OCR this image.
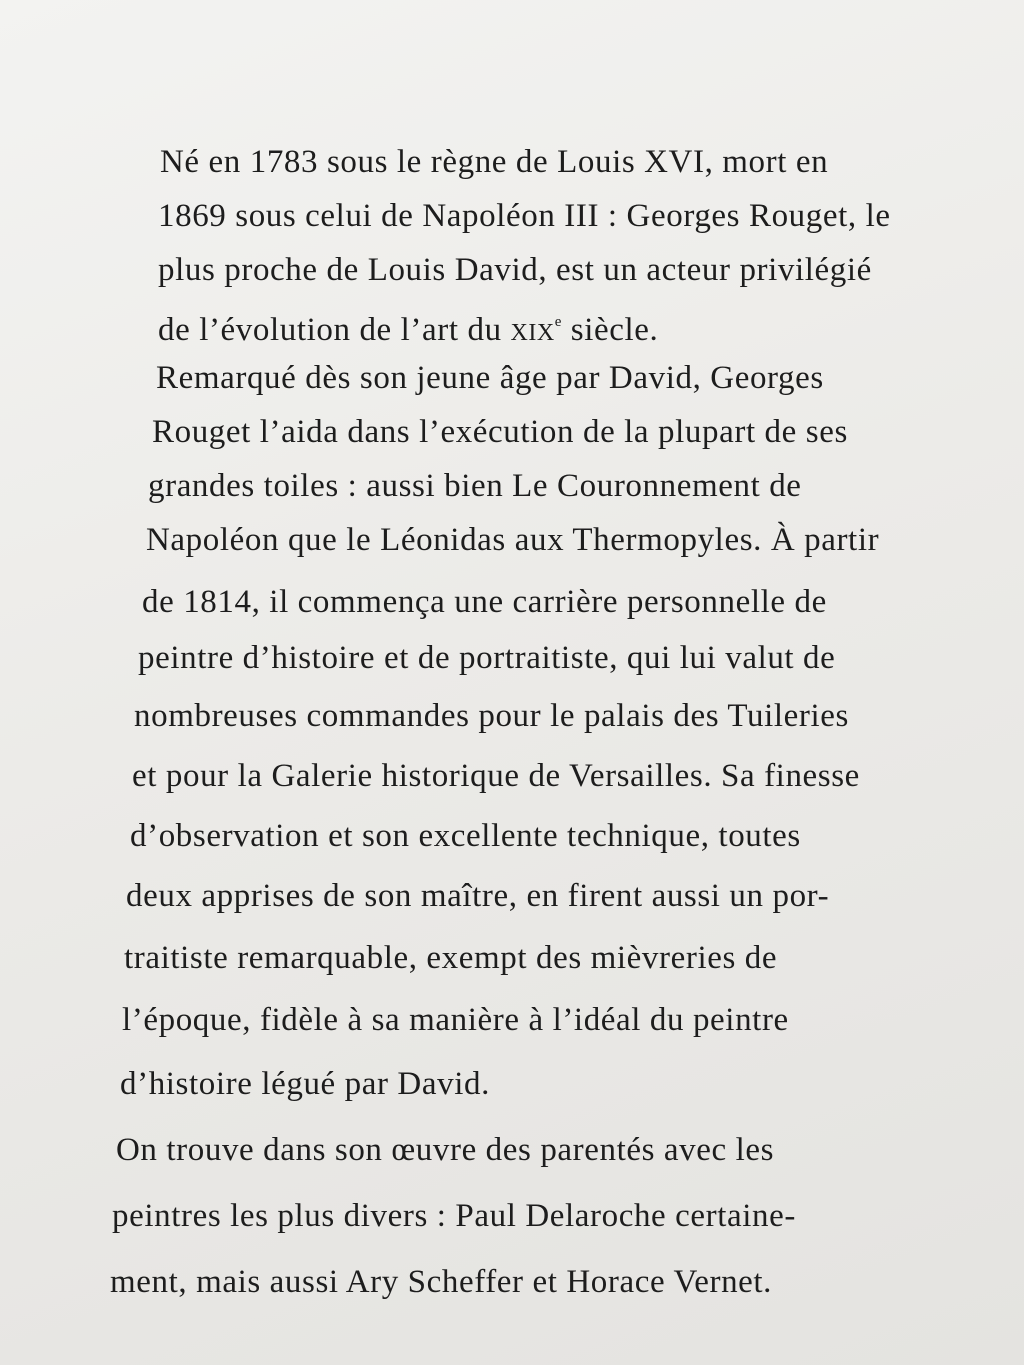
Né en 1783 sous le règne de Louis XVI, mort en
1869 sous celui de Napoléon III : Georges Rouget, le
plus proche de Louis David, est un acteur privilégié
de l’évolution de l’art du XIXe siècle.
Remarqué dès son jeune âge par David, Georges
Rouget l’aida dans l’exécution de la plupart de ses
grandes toiles : aussi bien Le Couronnement de
Napoléon que le Léonidas aux Thermopyles. À partir
de 1814, il commença une carrière personnelle de
peintre d’histoire et de portraitiste, qui lui valut de
nombreuses commandes pour le palais des Tuileries
et pour la Galerie historique de Versailles. Sa finesse
d’observation et son excellente technique, toutes
deux apprises de son maître, en firent aussi un por-
traitiste remarquable, exempt des mièvreries de
l’époque, fidèle à sa manière à l’idéal du peintre
d’histoire légué par David.
On trouve dans son œuvre des parentés avec les
peintres les plus divers : Paul Delaroche certaine-
ment, mais aussi Ary Scheffer et Horace Vernet.
